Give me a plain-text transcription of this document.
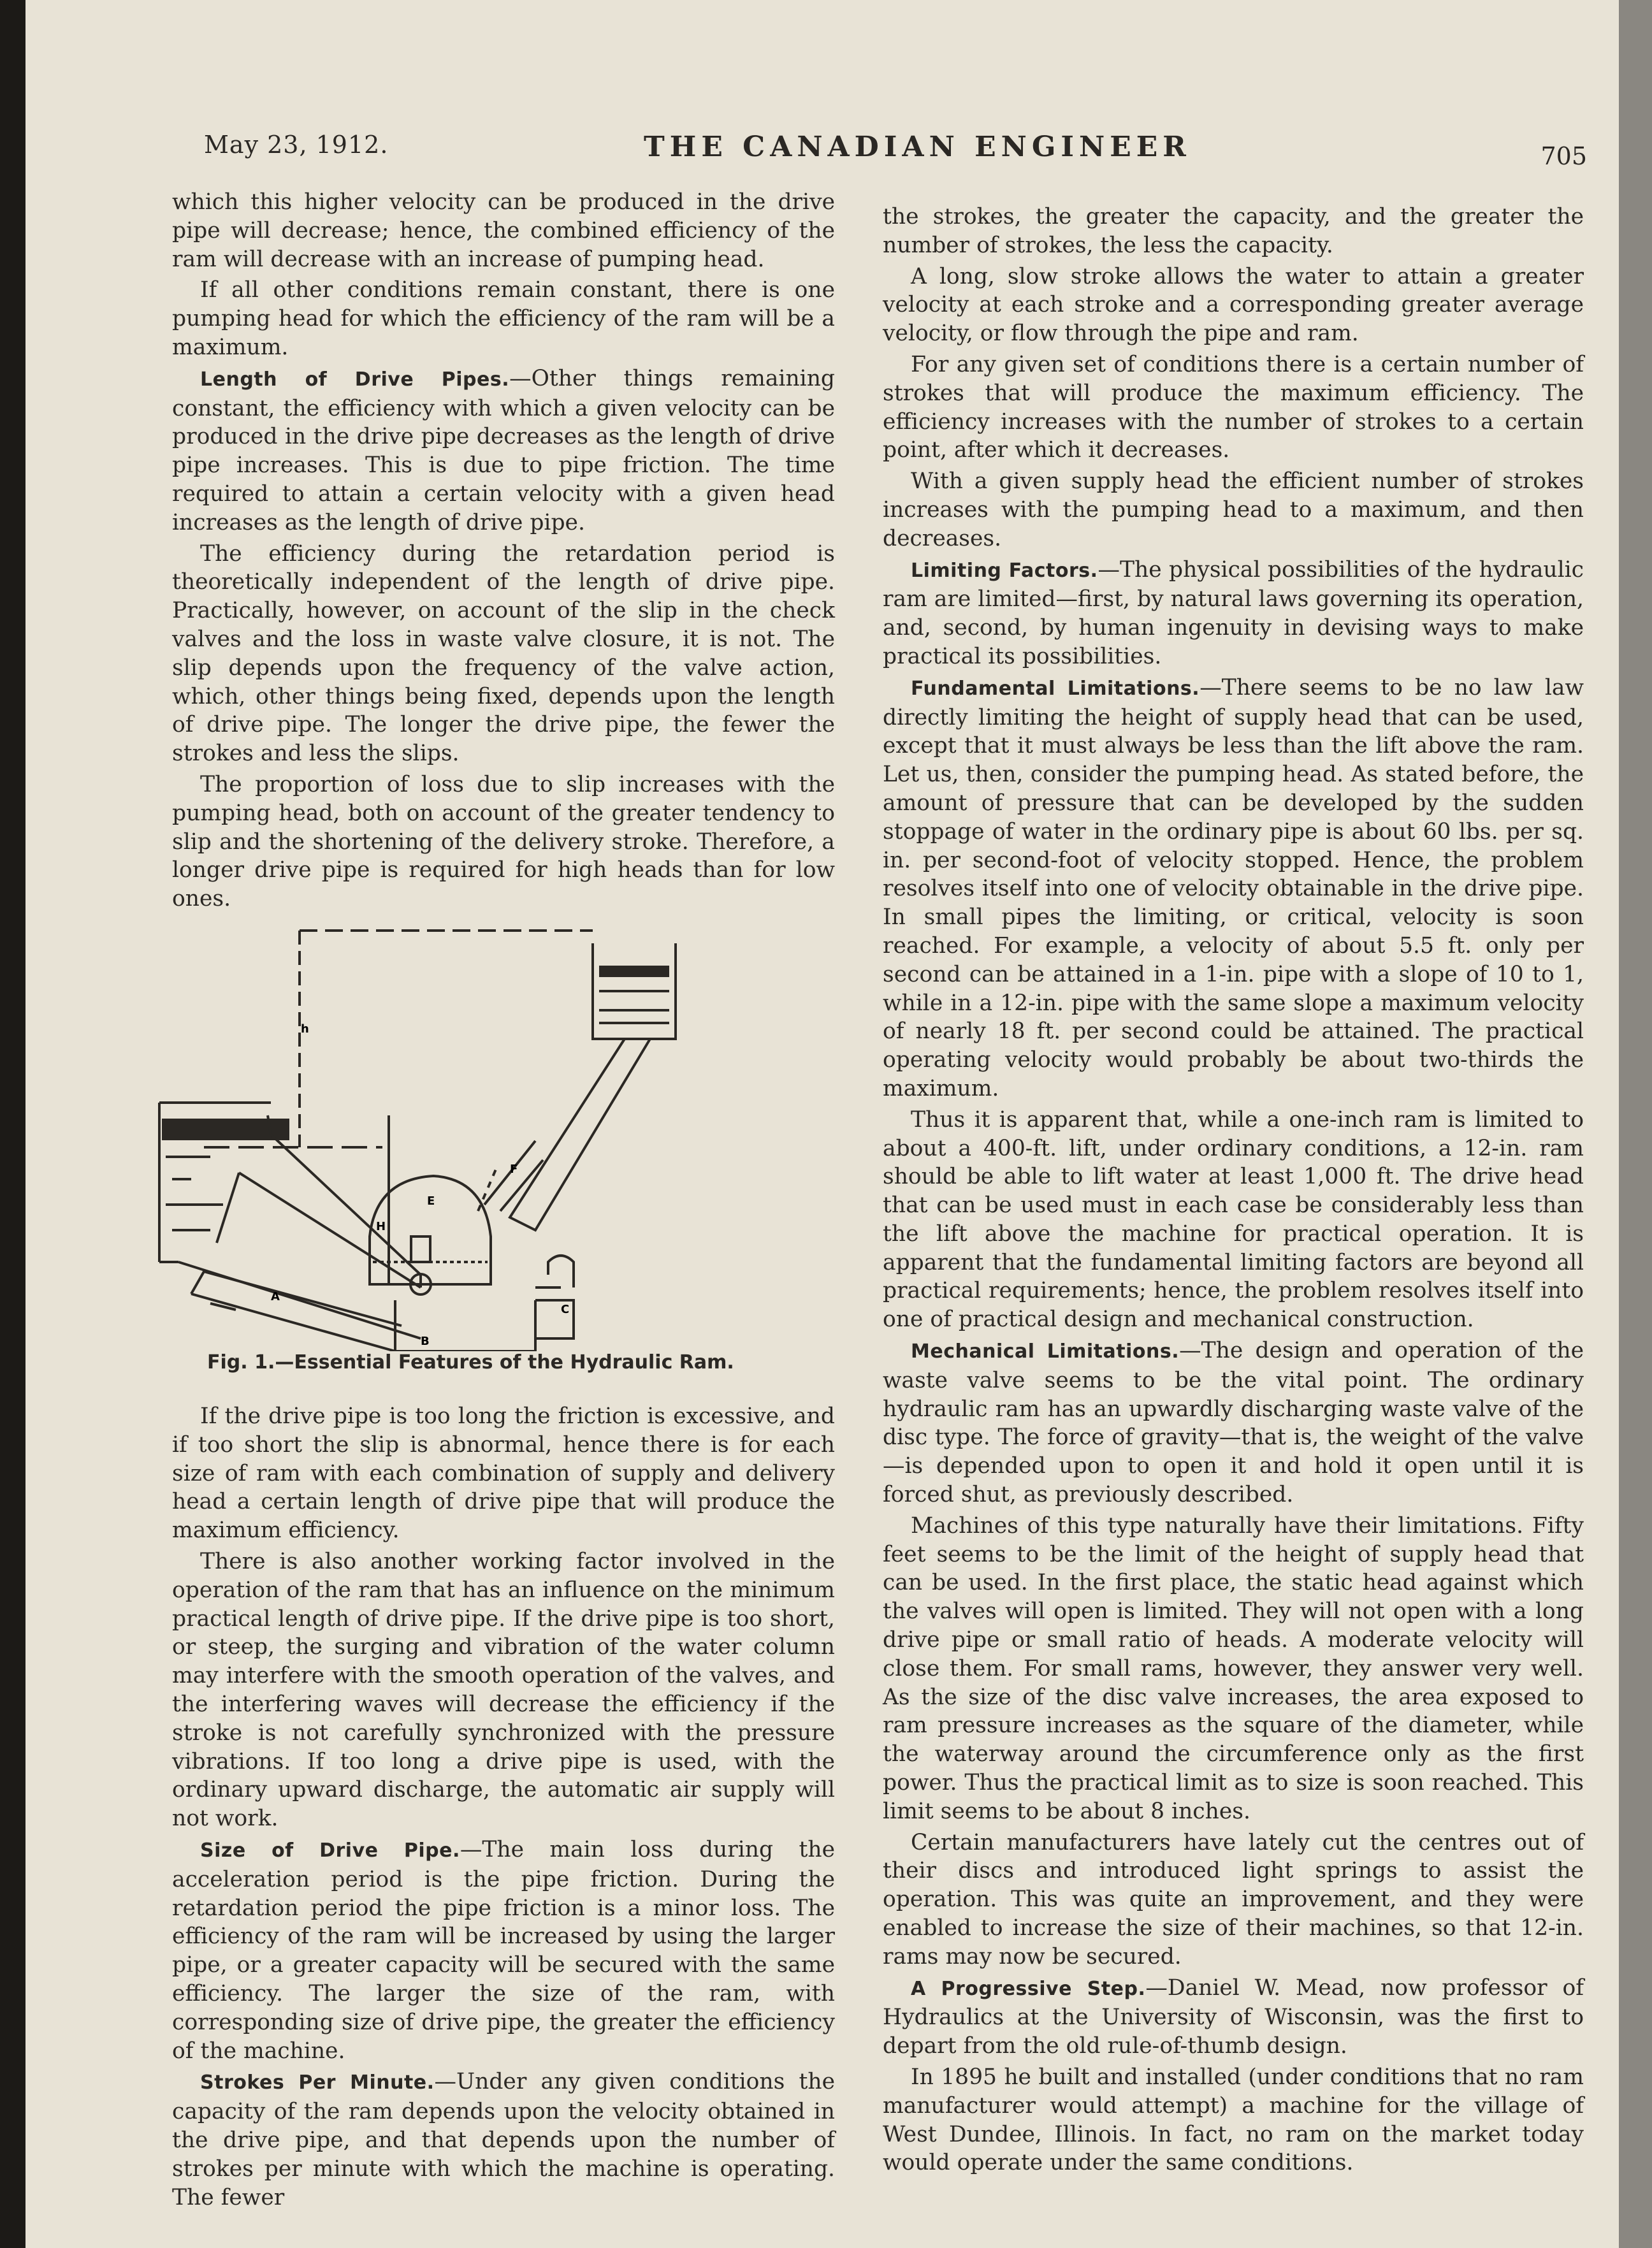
May 23, 1912.	THE CANADIAN ENGINEER	705

which this higher velocity can be produced in the drive pipe will decrease; hence, the combined efficiency of the ram will decrease with an increase of pumping head.

If all other conditions remain constant, there is one pumping head for which the efficiency of the ram will be a maximum.

Length of Drive Pipes.—Other things remaining constant, the efficiency with which a given velocity can be produced in the drive pipe decreases as the length of drive pipe increases. This is due to pipe friction. The time required to attain a certain velocity with a given head increases as the length of drive pipe.

The efficiency during the retardation period is theoretically independent of the length of drive pipe. Practically, however, on account of the slip in the check valves and the loss in waste valve closure, it is not. The slip depends upon the frequency of the valve action, which, other things being fixed, depends upon the length of drive pipe. The longer the drive pipe, the fewer the strokes and less the slips.

The proportion of loss due to slip increases with the pumping head, both on account of the greater tendency to slip and the shortening of the delivery stroke. Therefore, a longer drive pipe is required for high heads than for low ones.

h
H
A
B
C
E
F
Fig. 1.—Essential Features of the Hydraulic Ram.

If the drive pipe is too long the friction is excessive, and if too short the slip is abnormal, hence there is for each size of ram with each combination of supply and delivery head a certain length of drive pipe that will produce the maximum efficiency.

There is also another working factor involved in the operation of the ram that has an influence on the minimum practical length of drive pipe. If the drive pipe is too short, or steep, the surging and vibration of the water column may interfere with the smooth operation of the valves, and the interfering waves will decrease the efficiency if the stroke is not carefully synchronized with the pressure vibrations. If too long a drive pipe is used, with the ordinary upward discharge, the automatic air supply will not work.

Size of Drive Pipe.—The main loss during the acceleration period is the pipe friction. During the retardation period the pipe friction is a minor loss. The efficiency of the ram will be increased by using the larger pipe, or a greater capacity will be secured with the same efficiency. The larger the size of the ram, with corresponding size of drive pipe, the greater the efficiency of the machine.

Strokes Per Minute.—Under any given conditions the capacity of the ram depends upon the velocity obtained in the drive pipe, and that depends upon the number of strokes per minute with which the machine is operating. The fewer

the strokes, the greater the capacity, and the greater the number of strokes, the less the capacity.

A long, slow stroke allows the water to attain a greater velocity at each stroke and a corresponding greater average velocity, or flow through the pipe and ram.

For any given set of conditions there is a certain number of strokes that will produce the maximum efficiency. The efficiency increases with the number of strokes to a certain point, after which it decreases.

With a given supply head the efficient number of strokes increases with the pumping head to a maximum, and then decreases.

Limiting Factors.—The physical possibilities of the hydraulic ram are limited—first, by natural laws governing its operation, and, second, by human ingenuity in devising ways to make practical its possibilities.

Fundamental Limitations.—There seems to be no law law directly limiting the height of supply head that can be used, except that it must always be less than the lift above the ram. Let us, then, consider the pumping head. As stated before, the amount of pressure that can be developed by the sudden stoppage of water in the ordinary pipe is about 60 lbs. per sq. in. per second-foot of velocity stopped. Hence, the problem resolves itself into one of velocity obtainable in the drive pipe. In small pipes the limiting, or critical, velocity is soon reached. For example, a velocity of about 5.5 ft. only per second can be attained in a 1-in. pipe with a slope of 10 to 1, while in a 12-in. pipe with the same slope a maximum velocity of nearly 18 ft. per second could be attained. The practical operating velocity would probably be about two-thirds the maximum.

Thus it is apparent that, while a one-inch ram is limited to about a 400-ft. lift, under ordinary conditions, a 12-in. ram should be able to lift water at least 1,000 ft. The drive head that can be used must in each case be considerably less than the lift above the machine for practical operation. It is apparent that the fundamental limiting factors are beyond all practical requirements; hence, the problem resolves itself into one of practical design and mechanical construction.

Mechanical Limitations.—The design and operation of the waste valve seems to be the vital point. The ordinary hydraulic ram has an upwardly discharging waste valve of the disc type. The force of gravity—that is, the weight of the valve—is depended upon to open it and hold it open until it is forced shut, as previously described.

Machines of this type naturally have their limitations. Fifty feet seems to be the limit of the height of supply head that can be used. In the first place, the static head against which the valves will open is limited. They will not open with a long drive pipe or small ratio of heads. A moderate velocity will close them. For small rams, however, they answer very well. As the size of the disc valve increases, the area exposed to ram pressure increases as the square of the diameter, while the waterway around the circumference only as the first power. Thus the practical limit as to size is soon reached. This limit seems to be about 8 inches.

Certain manufacturers have lately cut the centres out of their discs and introduced light springs to assist the operation. This was quite an improvement, and they were enabled to increase the size of their machines, so that 12-in. rams may now be secured.

A Progressive Step.—Daniel W. Mead, now professor of Hydraulics at the University of Wisconsin, was the first to depart from the old rule-of-thumb design.

In 1895 he built and installed (under conditions that no ram manufacturer would attempt) a machine for the village of West Dundee, Illinois. In fact, no ram on the market today would operate under the same conditions.
